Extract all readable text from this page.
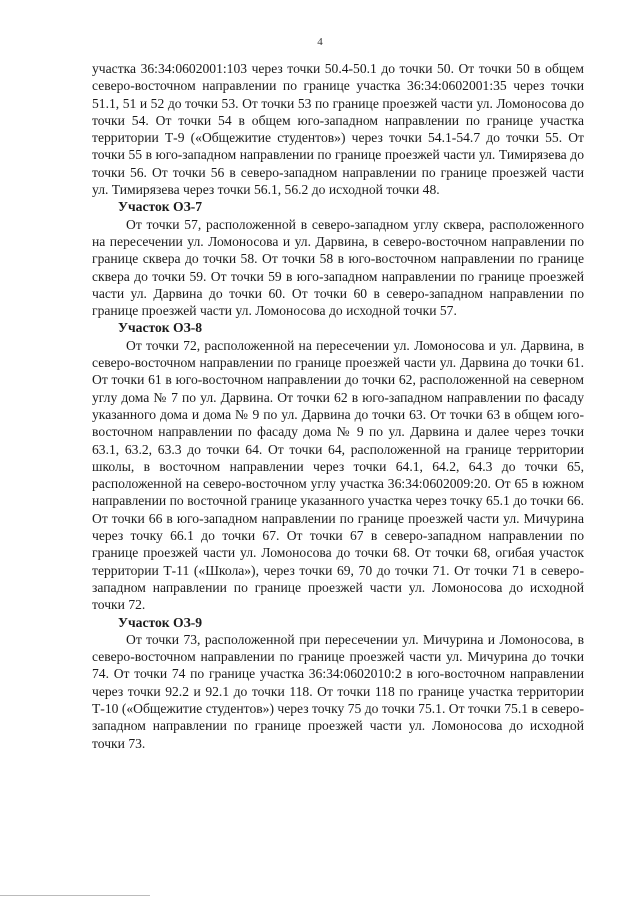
4

участка 36:34:0602001:103 через точки 50.4-50.1 до точки 50. От точки 50 в общем северо-восточном направлении по границе участка 36:34:0602001:35 через точки 51.1, 51 и 52 до точки 53. От точки 53 по границе проезжей части ул. Ломоносова до точки 54. От точки 54 в общем юго-западном направлении по границе участка территории Т-9 («Общежитие студентов») через точки 54.1-54.7 до точки 55. От точки 55 в юго-западном направлении по границе проезжей части ул. Тимирязева до точки 56. От точки 56 в северо-западном направлении по границе проезжей части ул. Тимирязева через точки 56.1, 56.2 до исходной точки 48.

Участок ОЗ-7

От точки 57, расположенной в северо-западном углу сквера, расположенного на пересечении ул. Ломоносова и ул. Дарвина, в северо-восточном направлении по границе сквера до точки 58. От точки 58 в юго-восточном направлении по границе сквера до точки 59. От точки 59 в юго-западном направлении по границе проезжей части ул. Дарвина до точки 60. От точки 60 в северо-западном направлении по границе проезжей части ул. Ломоносова до исходной точки 57.

Участок ОЗ-8

От точки 72, расположенной на пересечении ул. Ломоносова и ул. Дарвина, в северо-восточном направлении по границе проезжей части ул. Дарвина до точки 61. От точки 61 в юго-восточном направлении до точки 62, расположенной на северном углу дома № 7 по ул. Дарвина. От точки 62 в юго-западном направлении по фасаду указанного дома и дома № 9 по ул. Дарвина до точки 63. От точки 63 в общем юго-восточном направлении по фасаду дома № 9 по ул. Дарвина и далее через точки 63.1, 63.2, 63.3 до точки 64. От точки 64, расположенной на границе территории школы, в восточном направлении через точки 64.1, 64.2, 64.3 до точки 65, расположенной на северо-восточном углу участка 36:34:0602009:20. От 65 в южном направлении по восточной границе указанного участка через точку 65.1 до точки 66. От точки 66 в юго-западном направлении по границе проезжей части ул. Мичурина через точку 66.1 до точки 67. От точки 67 в северо-западном направлении по границе проезжей части ул. Ломоносова до точки 68. От точки 68, огибая участок территории Т-11 («Школа»), через точки 69, 70 до точки 71. От точки 71 в северо-западном направлении по границе проезжей части ул. Ломоносова до исходной точки 72.

Участок ОЗ-9

От точки 73, расположенной при пересечении ул. Мичурина и Ломоносова, в северо-восточном направлении по границе проезжей части ул. Мичурина до точки 74. От точки 74 по границе участка 36:34:0602010:2 в юго-восточном направлении через точки 92.2 и 92.1 до точки 118. От точки 118 по границе участка территории Т-10 («Общежитие студентов») через точку 75 до точки 75.1. От точки 75.1 в северо-западном направлении по границе проезжей части ул. Ломоносова до исходной точки 73.
